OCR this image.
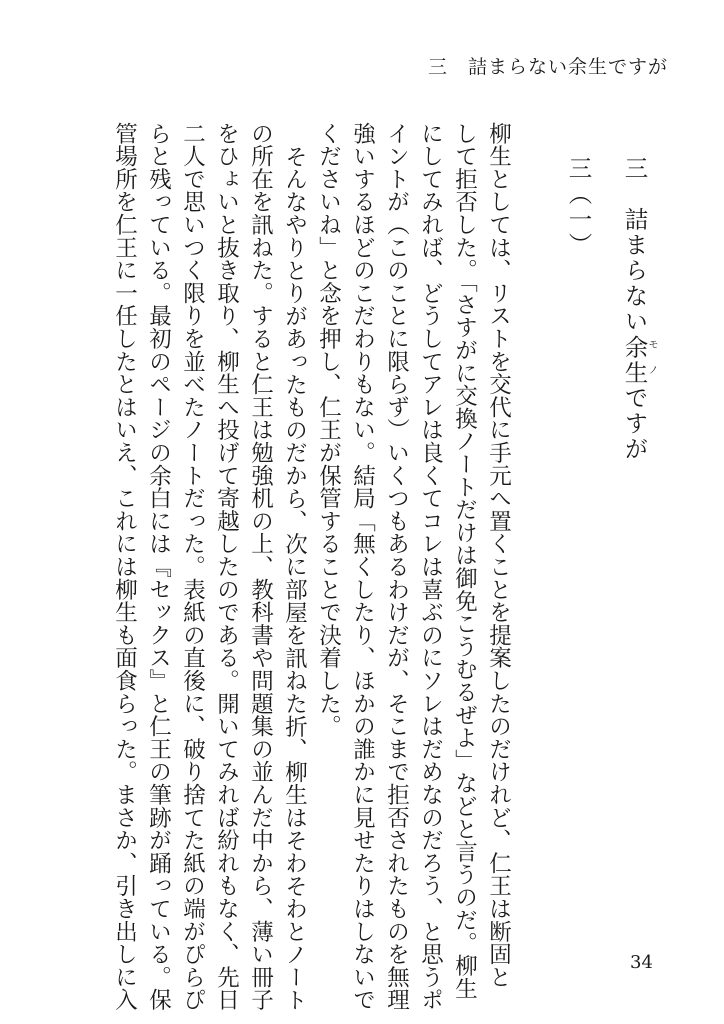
三　詰まらない余生ですが
三　詰まらない余生モノですが
三（一）
柳生としては、リストを交代に手元へ置くことを提案したのだけれど、仁王は断固と
して拒否した。「さすがに交換ノートだけは御免こうむるぜよ」などと言うのだ。柳生
にしてみれば、どうしてアレは良くてコレは喜ぶのにソレはだめなのだろう、と思うポ
イントが（このことに限らず）いくつもあるわけだが、そこまで拒否されたものを無理
強いするほどのこだわりもない。結局「無くしたり、ほかの誰かに見せたりはしないで
くださいね」と念を押し、仁王が保管することで決着した。
そんなやりとりがあったものだから、次に部屋を訊ねた折、柳生はそわそわとノート
の所在を訊ねた。すると仁王は勉強机の上、教科書や問題集の並んだ中から、薄い冊子
をひょいと抜き取り、柳生へ投げて寄越したのである。開いてみれば紛れもなく、先日
二人で思いつく限りを並べたノートだった。表紙の直後に、破り捨てた紙の端がぴらぴ
らと残っている。最初のページの余白には『セックス』と仁王の筆跡が踊っている。保
管場所を仁王に一任したとはいえ、これには柳生も面食らった。まさか、引き出しに入	34
